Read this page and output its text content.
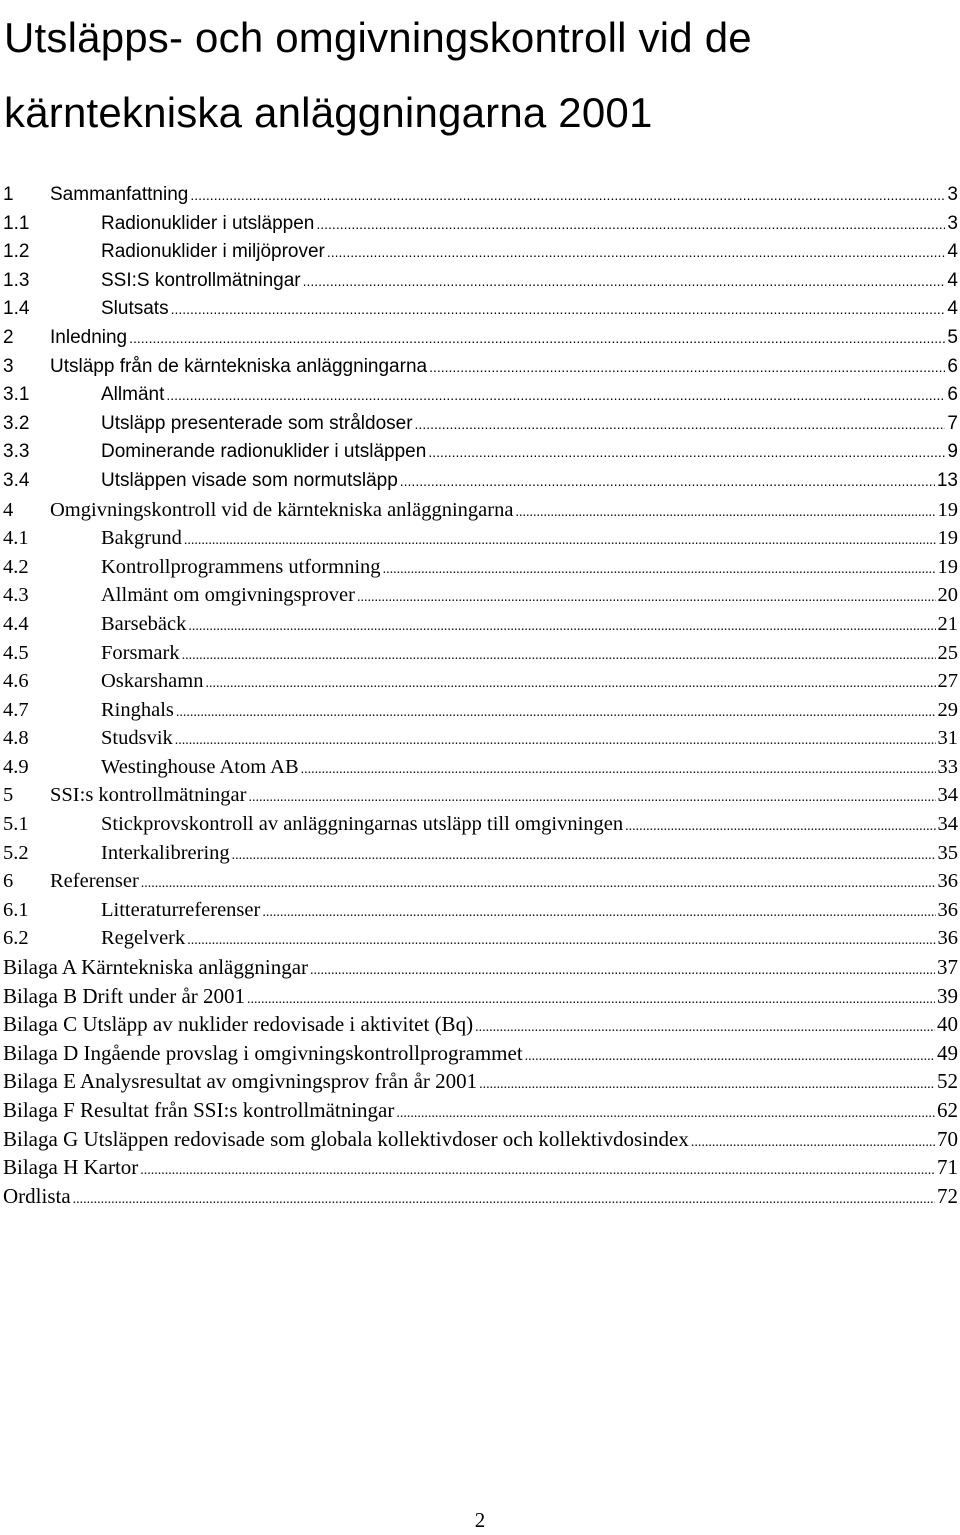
Utsläpps- och omgivningskontroll vid de
kärntekniska anläggningarna 2001
1 Sammanfattning .....	3
1.1	Radionuklider i utsläppen .....	3
1.2	Radionuklider i miljöprover .....	4
1.3	SSI:S kontrollmätningar .....	4
1.4	Slutsats .....	4
2 Inledning .....	5
3 Utsläpp från de kärntekniska anläggningarna .....	6
3.1	Allmänt .....	6
3.2	Utsläpp presenterade som stråldoser .....	7
3.3	Dominerande radionuklider i utsläppen .....	9
3.4	Utsläppen visade som normutsläpp .....	13
4 Omgivningskontroll vid de kärntekniska anläggningarna .....	19
4.1	Bakgrund .....	19
4.2	Kontrollprogrammens utformning .....	19
4.3	Allmänt om omgivningsprover .....	20
4.4	Barsebäck .....	21
4.5	Forsmark .....	25
4.6	Oskarshamn .....	27
4.7	Ringhals .....	29
4.8	Studsvik .....	31
4.9	Westinghouse Atom AB .....	33
5 SSI:s kontrollmätningar .....	34
5.1	Stickprovskontroll av anläggningarnas utsläpp till omgivningen .....	34
5.2	Interkalibrering .....	35
6 Referenser .....	36
6.1	Litteraturreferenser .....	36
6.2	Regelverk .....	36
Bilaga A Kärntekniska anläggningar .....	37
Bilaga B Drift under år 2001 .....	39
Bilaga C Utsläpp av nuklider redovisade i aktivitet (Bq) .....	40
Bilaga D Ingående provslag i omgivningskontrollprogrammet .....	49
Bilaga E Analysresultat av omgivningsprov från år 2001 .....	52
Bilaga F Resultat från SSI:s kontrollmätningar .....	62
Bilaga G Utsläppen redovisade som globala kollektivdoser och kollektivdosindex .....	70
Bilaga H Kartor .....	71
Ordlista .....	72
2
